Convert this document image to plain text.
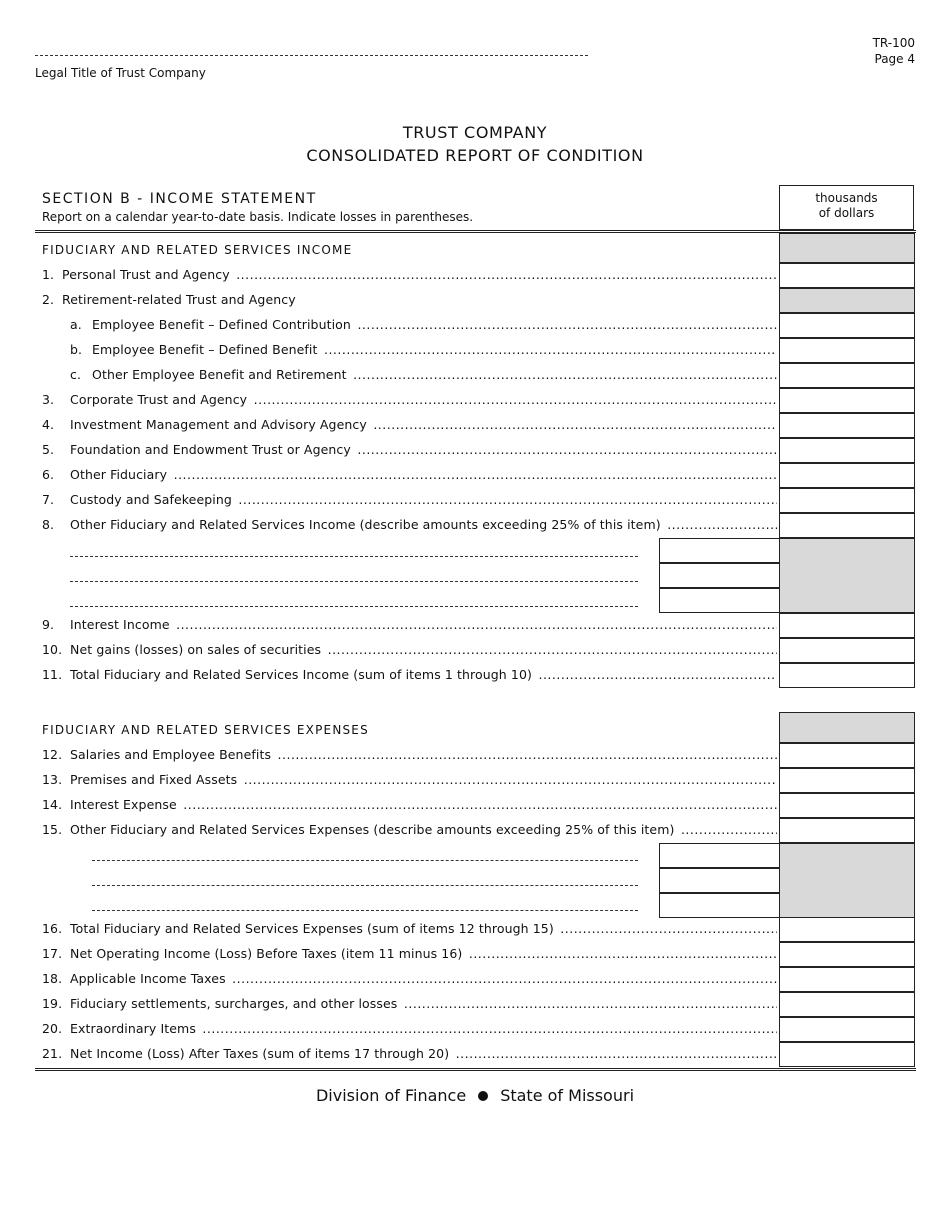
Legal Title of Trust Company
TR-100
Page 4
TRUST COMPANY
CONSOLIDATED REPORT OF CONDITION
SECTION B - INCOME STATEMENT
Report on a calendar year-to-date basis. Indicate losses in parentheses.
thousands
of dollars
FIDUCIARY AND RELATED SERVICES INCOME
1. Personal Trust and Agency .....
2. Retirement-related Trust and Agency
a. Employee Benefit – Defined Contribution .....
b. Employee Benefit – Defined Benefit .....
c. Other Employee Benefit and Retirement .....
3. Corporate Trust and Agency .....
4. Investment Management and Advisory Agency .....
5. Foundation and Endowment Trust or Agency .....
6. Other Fiduciary .....
7. Custody and Safekeeping .....
8. Other Fiduciary and Related Services Income (describe amounts exceeding 25% of this item) .....
9. Interest Income .....
10. Net gains (losses) on sales of securities .....
11. Total Fiduciary and Related Services Income (sum of items 1 through 10) .....
FIDUCIARY AND RELATED SERVICES EXPENSES
12. Salaries and Employee Benefits .....
13. Premises and Fixed Assets .....
14. Interest Expense .....
15. Other Fiduciary and Related Services Expenses (describe amounts exceeding 25% of this item) .....
16. Total Fiduciary and Related Services Expenses (sum of items 12 through 15) .....
17. Net Operating Income (Loss) Before Taxes (item 11 minus 16) .....
18. Applicable Income Taxes .....
19. Fiduciary settlements, surcharges, and other losses .....
20. Extraordinary Items .....
21. Net Income (Loss) After Taxes (sum of items 17 through 20) .....
Division of Finance State of Missouri
